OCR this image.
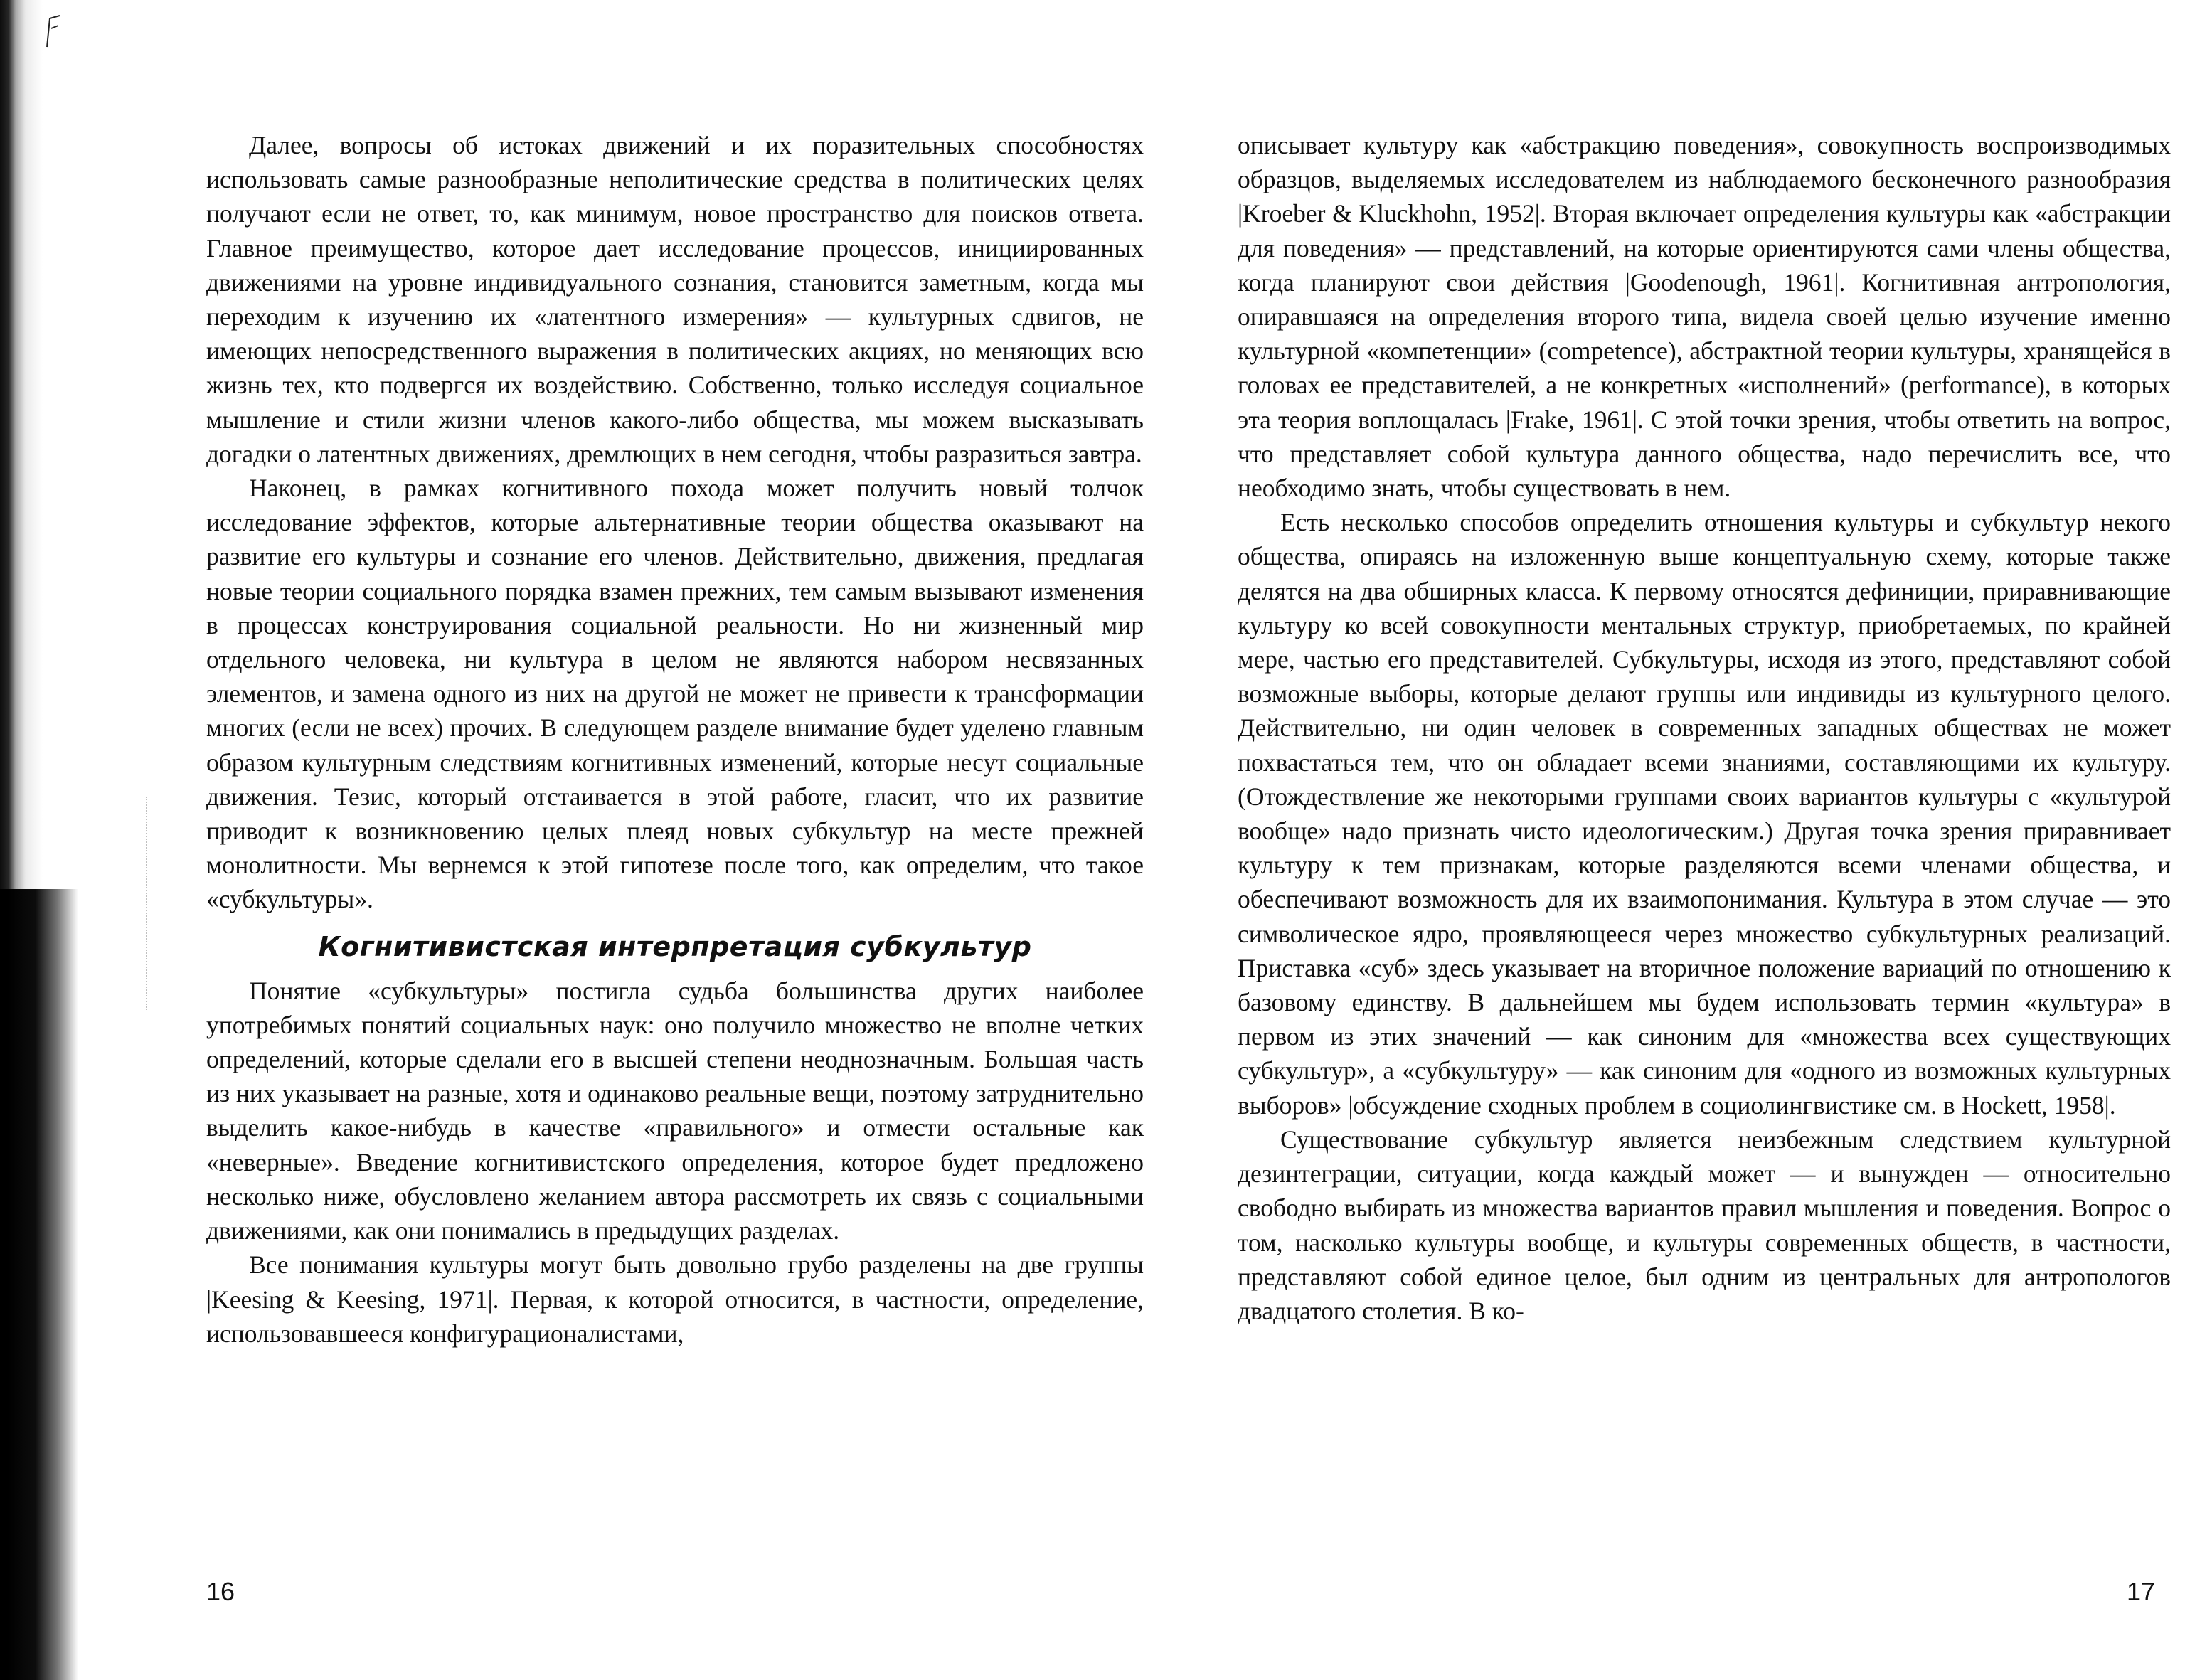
Далее, вопросы об истоках движений и их поразительных способностях использовать самые разнообразные неполитические средства в политических целях получают если не ответ, то, как минимум, новое пространство для поисков ответа. Главное преимущество, которое дает исследование процессов, инициированных движениями на уровне индивидуального сознания, становится заметным, когда мы переходим к изучению их «латентного измерения» — культурных сдвигов, не имеющих непосредственного выражения в политических акциях, но меняющих всю жизнь тех, кто подвергся их воздействию. Собственно, только исследуя социальное мышление и стили жизни членов какого-либо общества, мы можем высказывать догадки о латентных движениях, дремлющих в нем сегодня, чтобы разразиться завтра.

Наконец, в рамках когнитивного похода может получить новый толчок исследование эффектов, которые альтернативные теории общества оказывают на развитие его культуры и сознание его членов. Действительно, движения, предлагая новые теории социального порядка взамен прежних, тем самым вызывают изменения в процессах конструирования социальной реальности. Но ни жизненный мир отдельного человека, ни культура в целом не являются набором несвязанных элементов, и замена одного из них на другой не может не привести к трансформации многих (если не всех) прочих. В следующем разделе внимание будет уделено главным образом культурным следствиям когнитивных изменений, которые несут социальные движения. Тезис, который отстаивается в этой работе, гласит, что их развитие приводит к возникновению целых плеяд новых субкультур на месте прежней монолитности. Мы вернемся к этой гипотезе после того, как определим, что такое «субкультуры».

Когнитивистская интерпретация субкультур

Понятие «субкультуры» постигла судьба большинства других наиболее употребимых понятий социальных наук: оно получило множество не вполне четких определений, которые сделали его в высшей степени неоднозначным. Большая часть из них указывает на разные, хотя и одинаково реальные вещи, поэтому затруднительно выделить какое-нибудь в качестве «правильного» и отмести остальные как «неверные». Введение когнитивистского определения, которое будет предложено несколько ниже, обусловлено желанием автора рассмотреть их связь с социальными движениями, как они понимались в предыдущих разделах.

Все понимания культуры могут быть довольно грубо разделены на две группы |Keesing & Keesing, 1971|. Первая, к которой относится, в частности, определение, использовавшееся конфигурационалистами,

16

описывает культуру как «абстракцию поведения», совокупность воспроизводимых образцов, выделяемых исследователем из наблюдаемого бесконечного разнообразия |Kroeber & Kluckhohn, 1952|. Вторая включает определения культуры как «абстракции для поведения» — представлений, на которые ориентируются сами члены общества, когда планируют свои действия |Goodenough, 1961|. Когнитивная антропология, опиравшаяся на определения второго типа, видела своей целью изучение именно культурной «компетенции» (competence), абстрактной теории культуры, хранящейся в головах ее представителей, а не конкретных «исполнений» (performance), в которых эта теория воплощалась |Frake, 1961|. С этой точки зрения, чтобы ответить на вопрос, что представляет собой культура данного общества, надо перечислить все, что необходимо знать, чтобы существовать в нем.

Есть несколько способов определить отношения культуры и субкультур некого общества, опираясь на изложенную выше концептуальную схему, которые также делятся на два обширных класса. К первому относятся дефиниции, приравнивающие культуру ко всей совокупности ментальных структур, приобретаемых, по крайней мере, частью его представителей. Субкультуры, исходя из этого, представляют собой возможные выборы, которые делают группы или индивиды из культурного целого. Действительно, ни один человек в современных западных обществах не может похвастаться тем, что он обладает всеми знаниями, составляющими их культуру. (Отождествление же некоторыми группами своих вариантов культуры с «культурой вообще» надо признать чисто идеологическим.) Другая точка зрения приравнивает культуру к тем признакам, которые разделяются всеми членами общества, и обеспечивают возможность для их взаимопонимания. Культура в этом случае — это символическое ядро, проявляющееся через множество субкультурных реализаций. Приставка «суб» здесь указывает на вторичное положение вариаций по отношению к базовому единству. В дальнейшем мы будем использовать термин «культура» в первом из этих значений — как синоним для «множества всех существующих субкультур», а «субкультуру» — как синоним для «одного из возможных культурных выборов» |обсуждение сходных проблем в социолингвистике см. в Hockett, 1958|.

Существование субкультур является неизбежным следствием культурной дезинтеграции, ситуации, когда каждый может — и вынужден — относительно свободно выбирать из множества вариантов правил мышления и поведения. Вопрос о том, насколько культуры вообще, и культуры современных обществ, в частности, представляют собой единое целое, был одним из центральных для антропологов двадцатого столетия. В ко-

17
